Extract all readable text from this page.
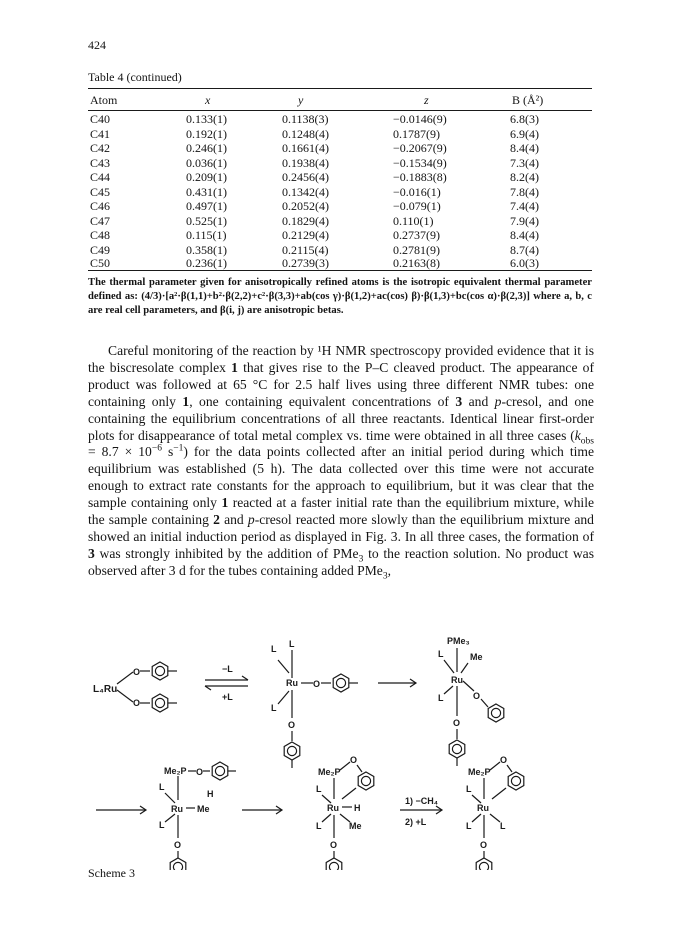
424
Table 4 (continued)
Atom	x	y	z	B (Å²)
C40	0.133(1)	0.1138(3)	−0.0146(9)	6.8(3)
C41	0.192(1)	0.1248(4)	0.1787(9)	6.9(4)
C42	0.246(1)	0.1661(4)	−0.2067(9)	8.4(4)
C43	0.036(1)	0.1938(4)	−0.1534(9)	7.3(4)
C44	0.209(1)	0.2456(4)	−0.1883(8)	8.2(4)
C45	0.431(1)	0.1342(4)	−0.016(1)	7.8(4)
C46	0.497(1)	0.2052(4)	−0.079(1)	7.4(4)
C47	0.525(1)	0.1829(4)	0.110(1)	7.9(4)
C48	0.115(1)	0.2129(4)	0.2737(9)	8.4(4)
C49	0.358(1)	0.2115(4)	0.2781(9)	8.7(4)
C50	0.236(1)	0.2739(3)	0.2163(8)	6.0(3)
The thermal parameter given for anisotropically refined atoms is the isotropic equivalent thermal parameter defined as: (4/3)·[a²·β(1,1)+b²·β(2,2)+c²·β(3,3)+ab(cos γ)·β(1,2)+ac(cos) β)·β(1,3)+bc(cos α)·β(2,3)] where a, b, c are real cell parameters, and β(i, j) are anisotropic betas.

Careful monitoring of the reaction by ¹H NMR spectroscopy provided evidence that it is the biscresolate complex 1 that gives rise to the P–C cleaved product. The appearance of product was followed at 65 °C for 2.5 half lives using three different NMR tubes: one containing only 1, one containing equivalent concentrations of 3 and p-cresol, and one containing the equilibrium concentrations of all three reactants. Identical linear first-order plots for disappearance of total metal complex vs. time were obtained in all three cases ($k_{obs} = 8.7 \times 10^{-6}$ $s^{-1}$) for the data points collected after an initial period during which time equilibrium was established (5 h). The data collected over this time were not accurate enough to extract rate constants for the approach to equilibrium, but it was clear that the sample containing only 1 reacted at a faster initial rate than the equilibrium mixture, while the sample containing 2 and p-cresol reacted more slowly than the equilibrium mixture and showed an initial induction period as displayed in Fig. 3. In all three cases, the formation of 3 was strongly inhibited by the addition of PMe$_3$ to the reaction solution. No product was observed after 3 d for the tubes containing added PMe$_3$,

L₄Ru
O
O
−L
+L
L L
Ru O
L
O
PMe₃
L	Me
Ru
L	O
O
Me₂P O
L
H
Ru Me
L
O
Me₂P
O
L
Ru H
L	Me
O
1) −CH₄
2) +L
Me₂P
O
L
Ru
L	L
O
Scheme 3
